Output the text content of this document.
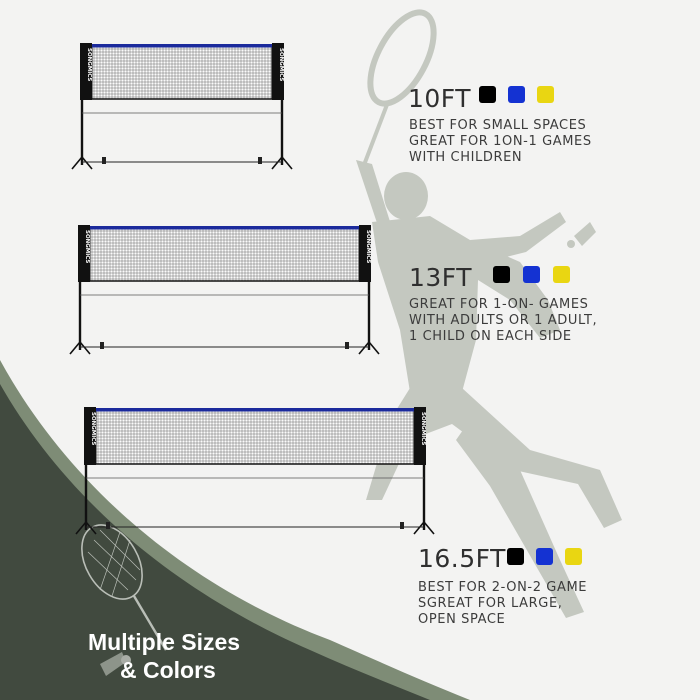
SONGMICS	SONGMICS
SONGMICS	SONGMICS
SONGMICS	SONGMICS
10FT
BEST FOR SMALL SPACES
GREAT FOR 1ON-1 GAMES
WITH CHILDREN
13FT
GREAT FOR 1-ON- GAMES
WITH ADULTS OR 1 ADULT,
1 CHILD ON EACH SIDE
16.5FT
BEST FOR 2-ON-2 GAME
SGREAT FOR LARGE,
OPEN SPACE
Multiple Sizes
& Colors
